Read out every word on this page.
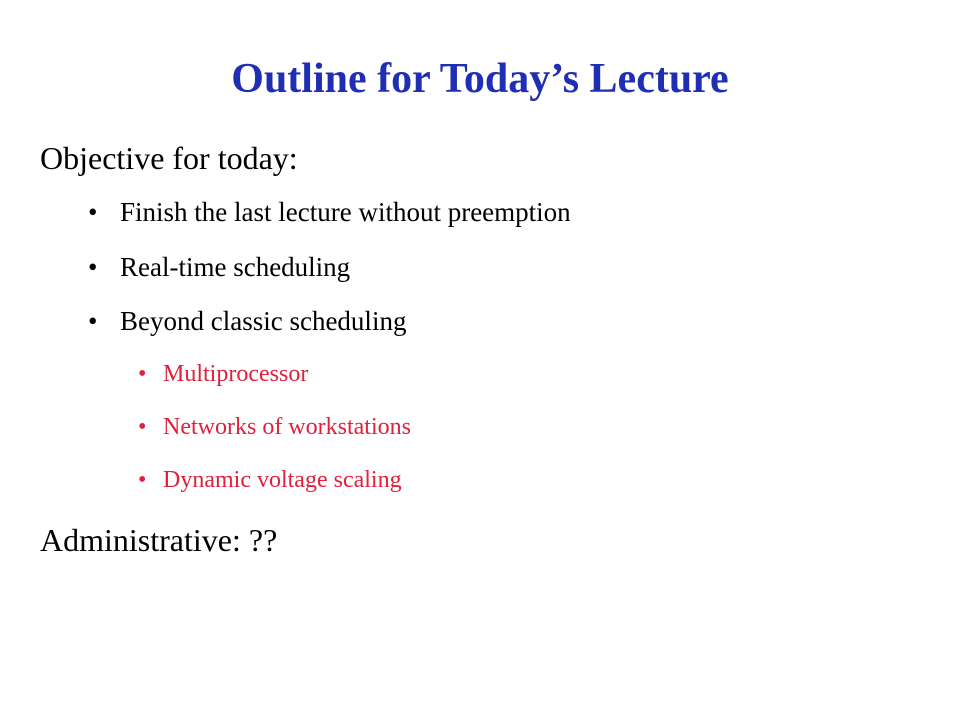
Outline for Today’s Lecture
Objective for today:
• Finish the last lecture without preemption
• Real-time scheduling
• Beyond classic scheduling
• Multiprocessor
• Networks of workstations
• Dynamic voltage scaling
Administrative: ??
